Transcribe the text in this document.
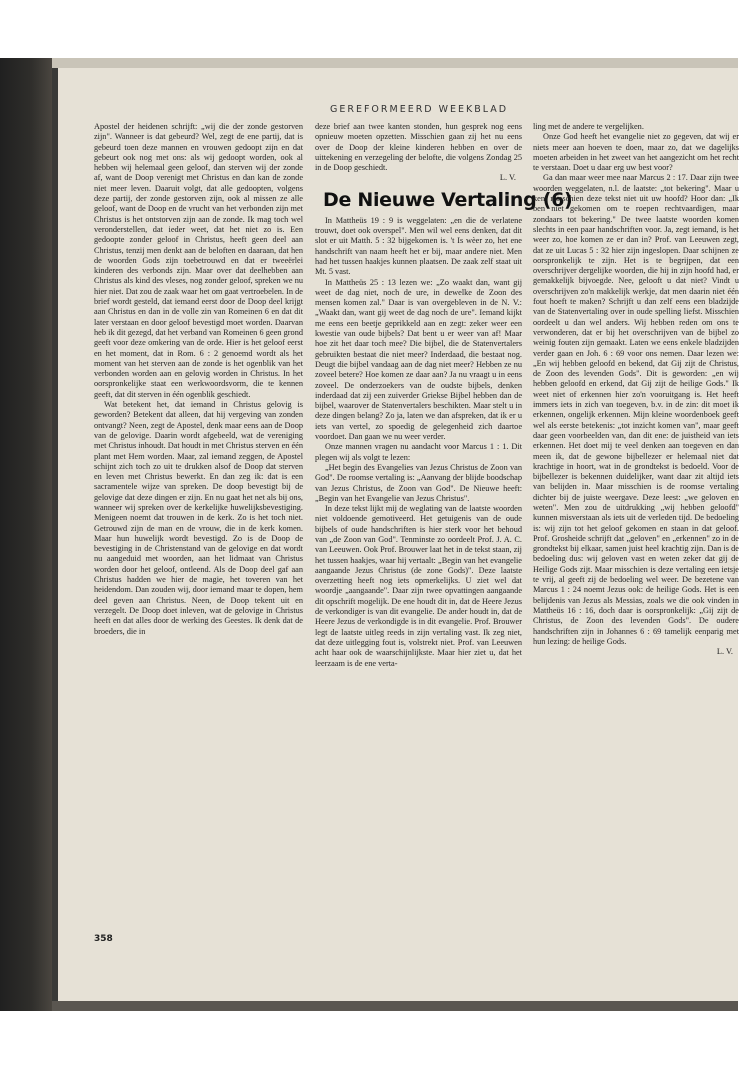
GEREFORMEERD WEEKBLAD

Apostel der heidenen schrijft: „wij die der zonde gestorven zijn". Wanneer is dat gebeurd? Wel, zegt de ene partij, dat is gebeurd toen deze mannen en vrouwen gedoopt zijn en dat gebeurt ook nog met ons: als wij gedoopt worden, ook al hebben wij helemaal geen geloof, dan sterven wij der zonde af, want de Doop verenigt met Christus en dan kan de zonde niet meer leven. Daaruit volgt, dat alle gedoopten, volgens deze partij, der zonde gestorven zijn, ook al missen ze alle geloof, want de Doop en de vrucht van het verbonden zijn met Christus is het ontstorven zijn aan de zonde. Ik mag toch wel veronderstellen, dat ieder weet, dat het niet zo is. Een gedoopte zonder geloof in Christus, heeft geen deel aan Christus, tenzij men denkt aan de beloften en daaraan, dat hen de woorden Gods zijn toebetrouwd en dat er tweeërlei kinderen des verbonds zijn. Maar over dat deelhebben aan Christus als kind des vleses, nog zonder geloof, spreken we nu hier niet. Dat zou de zaak waar het om gaat vertroebelen. In de brief wordt gesteld, dat iemand eerst door de Doop deel krijgt aan Christus en dan in de volle zin van Romeinen 6 en dat dit later verstaan en door geloof bevestigd moet worden. Daarvan heb ik dit gezegd, dat het verband van Romeinen 6 geen grond geeft voor deze omkering van de orde. Hier is het geloof eerst en het moment, dat in Rom. 6 : 2 genoemd wordt als het moment van het sterven aan de zonde is het ogenblik van het verbonden worden aan en gelovig worden in Christus. In het oorspronkelijke staat een werkwoordsvorm, die te kennen geeft, dat dit sterven in één ogenblik geschiedt.

Wat betekent het, dat iemand in Christus gelovig is geworden? Betekent dat alleen, dat hij vergeving van zonden ontvangt? Neen, zegt de Apostel, denk maar eens aan de Doop van de gelovige. Daarin wordt afgebeeld, wat de vereniging met Christus inhoudt. Dat houdt in met Christus sterven en één plant met Hem worden. Maar, zal iemand zeggen, de Apostel schijnt zich toch zo uit te drukken alsof de Doop dat sterven en leven met Christus bewerkt. En dan zeg ik: dat is een sacramentele wijze van spreken. De doop bevestigt bij de gelovige dat deze dingen er zijn. En nu gaat het net als bij ons, wanneer wij spreken over de kerkelijke huwelijksbevestiging. Menigeen noemt dat trouwen in de kerk. Zo is het toch niet. Getrouwd zijn de man en de vrouw, die in de kerk komen. Maar hun huwelijk wordt bevestigd. Zo is de Doop de bevestiging in de Christenstand van de gelovige en dat wordt nu aangeduid met woorden, aan het lidmaat van Christus worden door het geloof, ontleend. Als de Doop deel gaf aan Christus hadden we hier de magie, het toveren van het heidendom. Dan zouden wij, door iemand maar te dopen, hem deel geven aan Christus. Neen, de Doop tekent uit en verzegelt. De Doop doet inleven, wat de gelovige in Christus heeft en dat alles door de werking des Geestes. Ik denk dat de broeders, die in

deze brief aan twee kanten stonden, hun gesprek nog eens opnieuw moeten opzetten. Misschien gaan zij het nu eens over de Doop der kleine kinderen hebben en over de uittekening en verzegeling der belofte, die volgens Zondag 25 in de Doop geschiedt.

L. V.

De Nieuwe Vertaling (6)

In Mattheüs 19 : 9 is weggelaten: „en die de verlatene trouwt, doet ook overspel". Men wil wel eens denken, dat dit slot er uit Matth. 5 : 32 bijgekomen is. 't Is wèer zo, het ene handschrift van naam heeft het er bij, maar andere niet. Men had het tussen haakjes kunnen plaatsen. De zaak zelf staat uit Mt. 5 vast.

In Mattheüs 25 : 13 lezen we: „Zo waakt dan, want gij weet de dag niet, noch de ure, in dewelke de Zoon des mensen komen zal." Daar is van overgebleven in de N. V.: „Waakt dan, want gij weet de dag noch de ure". Iemand kijkt me eens een beetje geprikkeld aan en zegt: zeker weer een kwestie van oude bijbels? Dat bent u er weer van af! Maar hoe zit het daar toch mee? Die bijbel, die de Statenvertalers gebruikten bestaat die niet meer? Inderdaad, die bestaat nog. Deugt die bijbel vandaag aan de dag niet meer? Hebben ze nu zoveel betere? Hoe komen ze daar aan? Ja nu vraagt u in eens zoveel. De onderzoekers van de oudste bijbels, denken inderdaad dat zij een zuiverder Griekse Bijbel hebben dan de bijbel, waarover de Statenvertalers beschikten. Maar stelt u in deze dingen belang? Zo ja, laten we dan afspreken, dat ik er u iets van vertel, zo spoedig de gelegenheid zich daartoe voordoet. Dan gaan we nu weer verder.

Onze mannen vragen nu aandacht voor Marcus 1 : 1. Dit plegen wij als volgt te lezen:

„Het begin des Evangelies van Jezus Christus de Zoon van God". De roomse vertaling is: „Aanvang der blijde boodschap van Jezus Christus, de Zoon van God". De Nieuwe heeft: „Begin van het Evangelie van Jezus Christus".

In deze tekst lijkt mij de weglating van de laatste woorden niet voldoende gemotiveerd. Het getuigenis van de oude bijbels of oude handschriften is hier sterk voor het behoud van „de Zoon van God". Tenminste zo oordeelt Prof. J. A. C. van Leeuwen. Ook Prof. Brouwer laat het in de tekst staan, zij het tussen haakjes, waar hij vertaalt: „Begin van het evangelie aangaande Jezus Christus (de zone Gods)". Deze laatste overzetting heeft nog iets opmerkelijks. U ziet wel dat woordje „aangaande". Daar zijn twee opvattingen aangaande dit opschrift mogelijk. De ene houdt dit in, dat de Heere Jezus de verkondiger is van dit evangelie. De ander houdt in, dat de Heere Jezus de verkondigde is in dit evangelie. Prof. Brouwer legt de laatste uitleg reeds in zijn vertaling vast. Ik zeg niet, dat deze uitlegging fout is, volstrekt niet. Prof. van Leeuwen acht haar ook de waarschijnlijkste. Maar hier ziet u, dat het leerzaam is de ene verta-

ling met de andere te vergelijken.

Onze God heeft het evangelie niet zo gegeven, dat wij er niets meer aan hoeven te doen, maar zo, dat we dagelijks moeten arbeiden in het zweet van het aangezicht om het recht te verstaan. Doet u daar erg uw best voor?

Ga dan maar weer mee naar Marcus 2 : 17. Daar zijn twee woorden weggelaten, n.l. de laatste: „tot bekering". Maar u kent misschien deze tekst niet uit uw hoofd? Hoor dan: „Ik ben niet gekomen om te roepen rechtvaardigen, maar zondaars tot bekering." De twee laatste woorden komen slechts in een paar handschriften voor. Ja, zegt iemand, is het weer zo, hoe komen ze er dan in? Prof. van Leeuwen zegt, dat ze uit Lucas 5 : 32 hier zijn ingeslopen. Daar schijnen ze oorspronkelijk te zijn. Het is te begrijpen, dat een overschrijver dergelijke woorden, die hij in zijn hoofd had, er gemakkelijk bijvoegde. Nee, gelooft u dat niet? Vindt u overschrijven zo'n makkelijk werkje, dat men daarin niet één fout hoeft te maken? Schrijft u dan zelf eens een bladzijde van de Statenvertaling over in oude spelling liefst. Misschien oordeelt u dan wel anders. Wij hebben reden om ons te verwonderen, dat er bij het overschrijven van de bijbel zo weinig fouten zijn gemaakt. Laten we eens enkele bladzijden verder gaan en Joh. 6 : 69 voor ons nemen. Daar lezen we: „En wij hebben geloofd en bekend, dat Gij zijt de Christus, de Zoon des levenden Gods". Dit is geworden: „en wij hebben geloofd en erkend, dat Gij zijt de heilige Gods." Ik weet niet of erkennen hier zo'n vooruitgang is. Het heeft immers iets in zich van toegeven, b.v. in de zin: dit moet ik erkennen, ongelijk erkennen. Mijn kleine woordenboek geeft wel als eerste betekenis: „tot inzicht komen van", maar geeft daar geen voorbeelden van, dan dit ene: de juistheid van iets erkennen. Het doet mij te veel denken aan toegeven en dan meen ik, dat de gewone bijbellezer er helemaal niet dat krachtige in hoort, wat in de grondtekst is bedoeld. Voor de bijbellezer is bekennen duidelijker, want daar zit altijd iets van belijden in. Maar misschien is de roomse vertaling dichter bij de juiste weergave. Deze leest: „we geloven en weten". Men zou de uitdrukking „wij hebben geloofd" kunnen misverstaan als iets uit de verleden tijd. De bedoeling is: wij zijn tot het geloof gekomen en staan in dat geloof. Prof. Grosheide schrijft dat „geloven" en „erkennen" zo in de grondtekst bij elkaar, samen juist heel krachtig zijn. Dan is de bedoeling dus: wij geloven vast en weten zeker dat gij de Heilige Gods zijt. Maar misschien is deze vertaling een ietsje te vrij, al geeft zij de bedoeling wel weer. De bezetene van Marcus 1 : 24 noemt Jezus ook: de heilige Gods. Het is een belijdenis van Jezus als Messias, zoals we die ook vinden in Mattheüs 16 : 16, doch daar is oorspronkelijk: „Gij zijt de Christus, de Zoon des levenden Gods". De oudere handschriften zijn in Johannes 6 : 69 tamelijk eenparig met hun lezing: de heilige Gods.

L. V.

358
